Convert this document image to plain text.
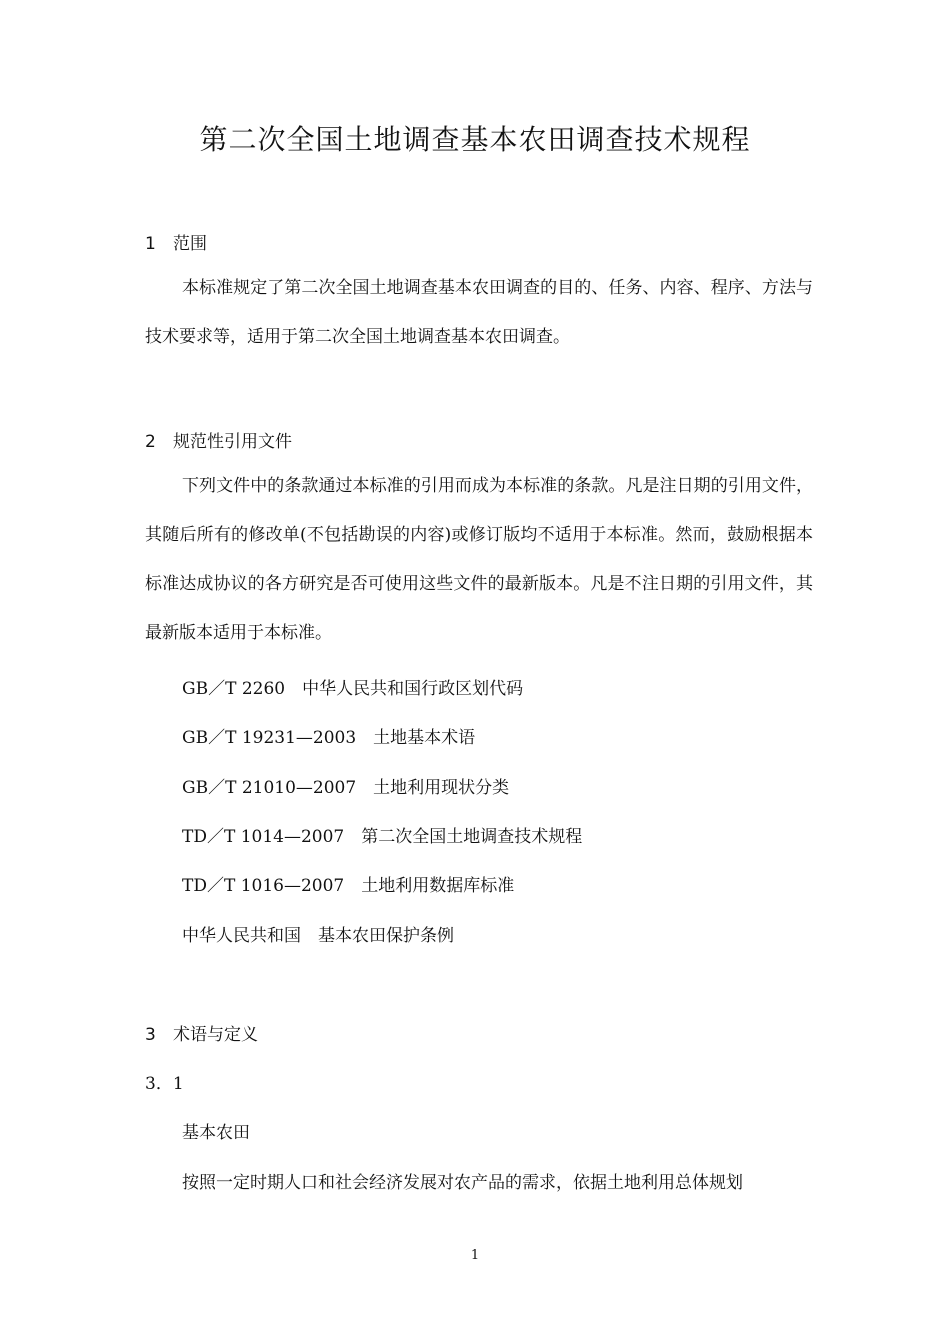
第二次全国土地调查基本农田调查技术规程
1 范围
本标准规定了第二次全国土地调查基本农田调查的目的、任务、内容、程序、方法与技术要求等，适用于第二次全国土地调查基本农田调查。
2 规范性引用文件
下列文件中的条款通过本标准的引用而成为本标准的条款。凡是注日期的引用文件，其随后所有的修改单(不包括勘误的内容)或修订版均不适用于本标准。然而，鼓励根据本标准达成协议的各方研究是否可使用这些文件的最新版本。凡是不注日期的引用文件，其最新版本适用于本标准。
GB／T 2260　中华人民共和国行政区划代码
GB／T 19231—2003　土地基本术语
GB／T 21010—2007　土地利用现状分类
TD／T 1014—2007　第二次全国土地调查技术规程
TD／T 1016—2007　土地利用数据库标准
中华人民共和国　基本农田保护条例
3 术语与定义
3．1
基本农田
按照一定时期人口和社会经济发展对农产品的需求，依据土地利用总体规划
1
